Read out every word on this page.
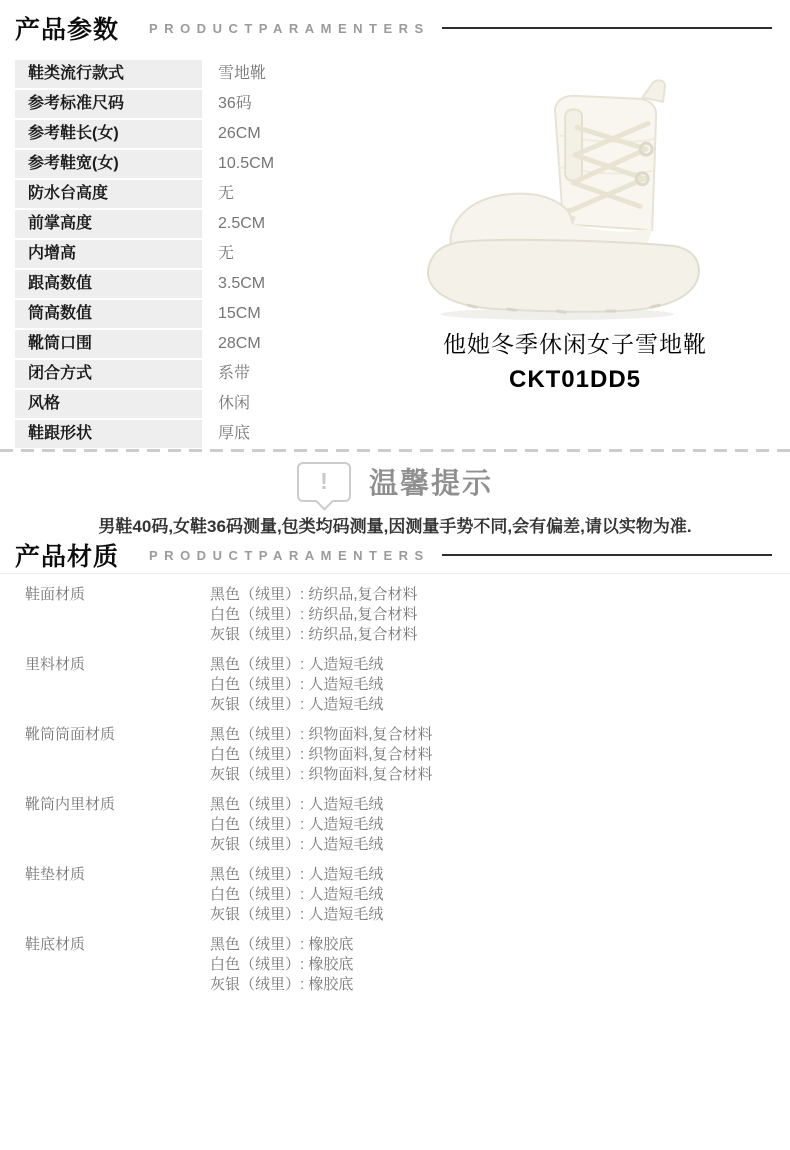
产品参数 PRODUCTPARAMENTERS
鞋类流行款式	雪地靴
参考标准尺码	36码
参考鞋长(女)	26CM
参考鞋宽(女)	10.5CM
防水台高度	无
前掌高度	2.5CM
内增高	无
跟高数值	3.5CM
筒高数值	15CM
靴筒口围	28CM
闭合方式	系带
风格	休闲
鞋跟形状	厚底
他她冬季休闲女子雪地靴
CKT01DD5
!	温馨提示
男鞋40码,女鞋36码测量,包类均码测量,因测量手势不同,会有偏差,请以实物为准.
产品材质 PRODUCTPARAMENTERS
鞋面材质	黑色（绒里）: 纺织品,复合材料
白色（绒里）: 纺织品,复合材料
灰银（绒里）: 纺织品,复合材料
里料材质	黑色（绒里）: 人造短毛绒
白色（绒里）: 人造短毛绒
灰银（绒里）: 人造短毛绒
靴筒筒面材质	黑色（绒里）: 织物面料,复合材料
白色（绒里）: 织物面料,复合材料
灰银（绒里）: 织物面料,复合材料
靴筒内里材质	黑色（绒里）: 人造短毛绒
白色（绒里）: 人造短毛绒
灰银（绒里）: 人造短毛绒
鞋垫材质	黑色（绒里）: 人造短毛绒
白色（绒里）: 人造短毛绒
灰银（绒里）: 人造短毛绒
鞋底材质	黑色（绒里）: 橡胶底
白色（绒里）: 橡胶底
灰银（绒里）: 橡胶底
